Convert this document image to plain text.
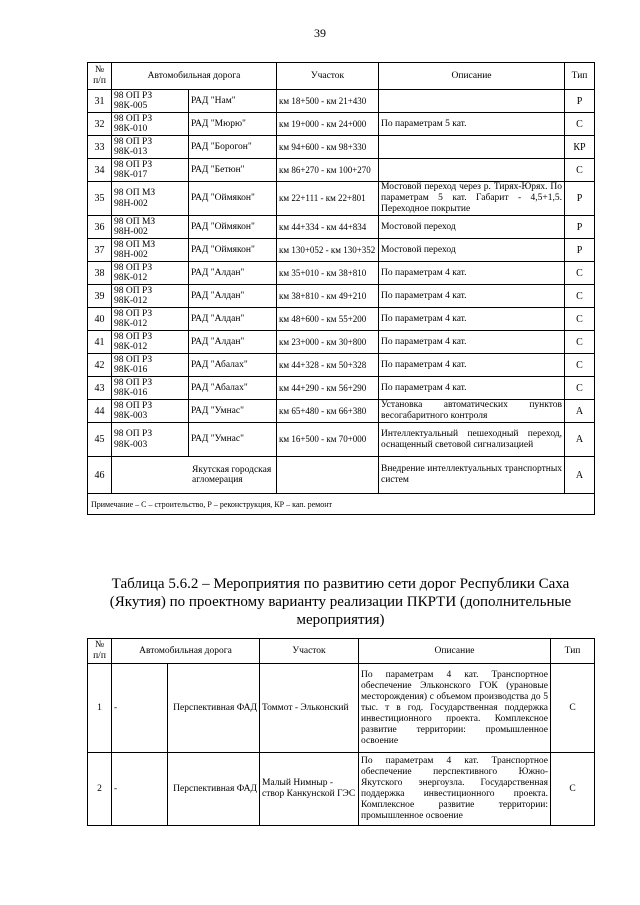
39
№ п/п	Автомобильная дорога		Участок	Описание	Тип
31	98 ОП РЗ 98К-005	РАД "Нам"	км 18+500 - км 21+430		Р
32	98 ОП РЗ 98К-010	РАД "Мюрю"	км 19+000 - км 24+000	По параметрам 5 кат.	С
33	98 ОП РЗ 98К-013	РАД "Борогон"	км 94+600 - км 98+330		КР
34	98 ОП РЗ 98К-017	РАД "Бетюн"	км 86+270 - км 100+270		С
35	98 ОП МЗ 98Н-002	РАД "Оймякон"	км 22+111 - км 22+801	Мостовой переход через р. Тирях-Юрях. По параметрам 5 кат. Габарит - 4,5+1,5. Переходное покрытие	Р
36	98 ОП МЗ 98Н-002	РАД "Оймякон"	км 44+334 - км 44+834	Мостовой переход	Р
37	98 ОП МЗ 98Н-002	РАД "Оймякон"	км 130+052 - км 130+352	Мостовой переход	Р
38	98 ОП РЗ 98К-012	РАД "Алдан"	км 35+010 - км 38+810	По параметрам 4 кат.	С
39	98 ОП РЗ 98К-012	РАД "Алдан"	км 38+810 - км 49+210	По параметрам 4 кат.	С
40	98 ОП РЗ 98К-012	РАД "Алдан"	км 48+600 - км 55+200	По параметрам 4 кат.	С
41	98 ОП РЗ 98К-012	РАД "Алдан"	км 23+000 - км 30+800	По параметрам 4 кат.	С
42	98 ОП РЗ 98К-016	РАД "Абалах"	км 44+328 - км 50+328	По параметрам 4 кат.	С
43	98 ОП РЗ 98К-016	РАД "Абалах"	км 44+290 - км 56+290	По параметрам 4 кат.	С
44	98 ОП РЗ 98К-003	РАД "Умнас"	км 65+480 - км 66+380	Установка автоматических пунктов весогабаритного контроля	А
45	98 ОП РЗ 98К-003	РАД "Умнас"	км 16+500 - км 70+000	Интеллектуальный пешеходный переход, оснащенный световой сигнализацией	А
46	Якутская городская агломерация			Внедрение интеллектуальных транспортных систем	А
Примечание – С – строительство, Р – реконструкция, КР – кап. ремонт					
Таблица 5.6.2 – Мероприятия по развитию сети дорог Республики Саха (Якутия) по проектному варианту реализации ПКРТИ (дополнительные мероприятия)
№ п/п	Автомобильная дорога		Участок	Описание	Тип
1	-	Перспективная ФАД	Томмот - Эльконский	По параметрам 4 кат. Транспортное обеспечение Эльконского ГОК (урановые месторождения) с объемом производства до 5 тыс. т в год. Государственная поддержка инвестиционного проекта. Комплексное развитие территории: промышленное освоение	С
2	-	Перспективная ФАД	Малый Нимныр - створ Канкунской ГЭС	По параметрам 4 кат. Транспортное обеспечение перспективного Южно-Якутского энергоузла. Государственная поддержка инвестиционного проекта. Комплексное развитие территории: промышленное освоение	С
